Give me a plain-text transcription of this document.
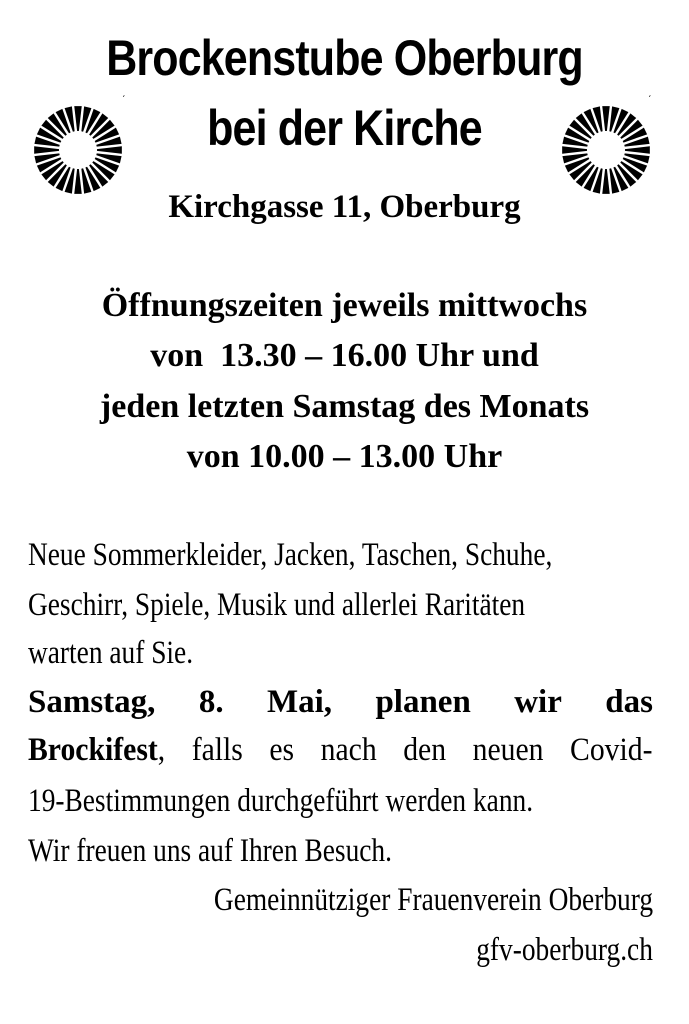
Brockenstube Oberburg
bei der Kirche
ˊ	ˊ
Kirchgasse 11, Oberburg
Öffnungszeiten jeweils mittwochs
von  13.30 – 16.00 Uhr und
jeden letzten Samstag des Monats
von 10.00 – 13.00 Uhr
Neue Sommerkleider, Jacken, Taschen, Schuhe,
Geschirr, Spiele, Musik und allerlei Raritäten
warten auf Sie.
Samstag, 8. Mai, planen wir das
Brockifest, falls es nach den neuen Covid-
19-Bestimmungen durchgeführt werden kann.
Wir freuen uns auf Ihren Besuch.
Gemeinnütziger Frauenverein Oberburg
gfv-oberburg.ch
